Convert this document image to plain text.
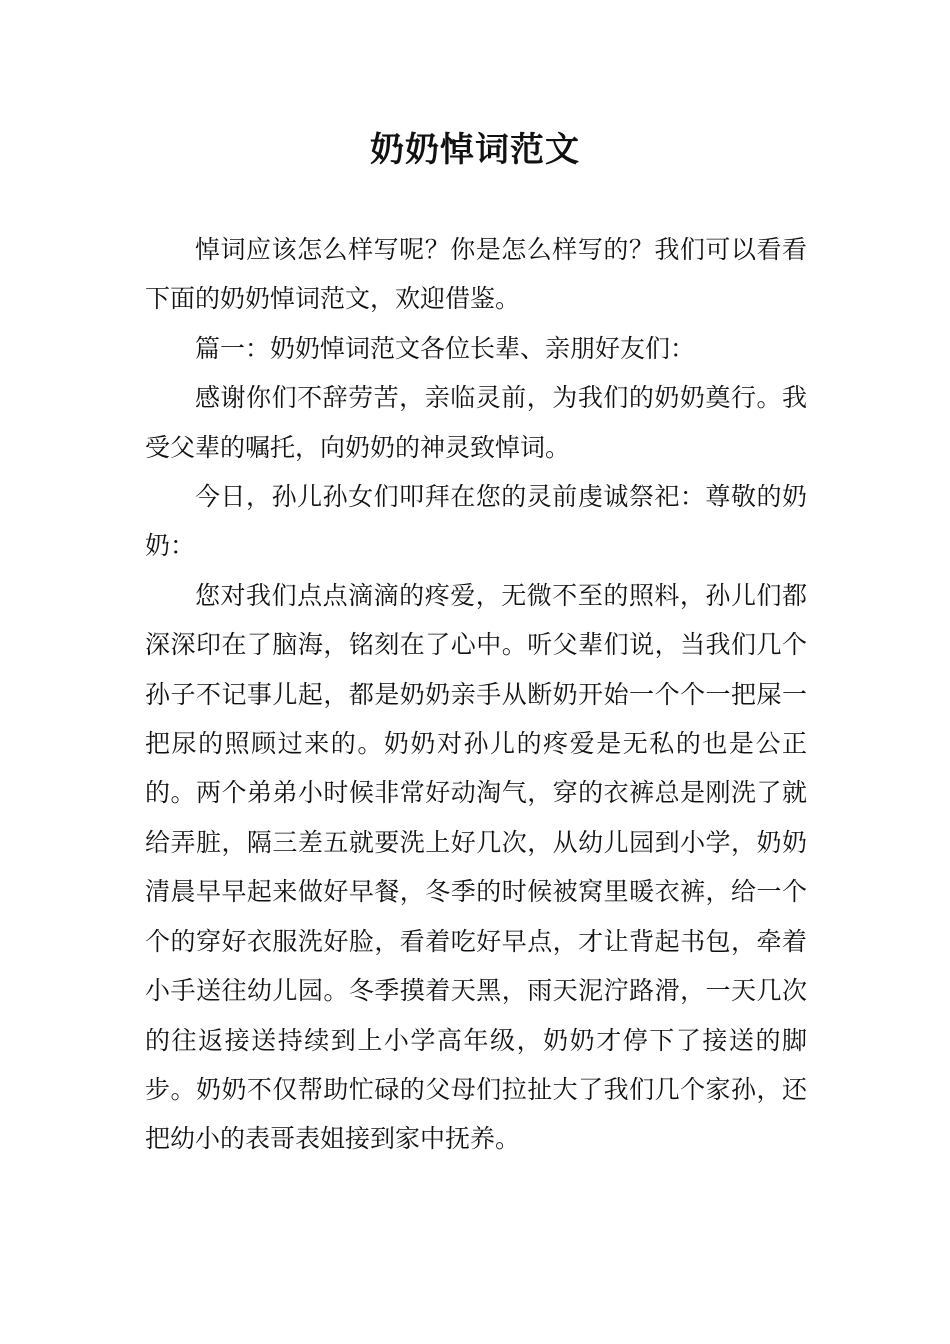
奶奶悼词范文

悼词应该怎么样写呢？你是怎么样写的？我们可以看看下面的奶奶悼词范文，欢迎借鉴。

篇一：奶奶悼词范文各位长辈、亲朋好友们：

感谢你们不辞劳苦，亲临灵前，为我们的奶奶奠行。我受父辈的嘱托，向奶奶的神灵致悼词。

今日，孙儿孙女们叩拜在您的灵前虔诚祭祀：尊敬的奶奶：

您对我们点点滴滴的疼爱，无微不至的照料，孙儿们都深深印在了脑海，铭刻在了心中。听父辈们说，当我们几个孙子不记事儿起，都是奶奶亲手从断奶开始一个个一把屎一把尿的照顾过来的。奶奶对孙儿的疼爱是无私的也是公正的。两个弟弟小时候非常好动淘气，穿的衣裤总是刚洗了就给弄脏，隔三差五就要洗上好几次，从幼儿园到小学，奶奶清晨早早起来做好早餐，冬季的时候被窝里暖衣裤，给一个个的穿好衣服洗好脸，看着吃好早点，才让背起书包，牵着小手送往幼儿园。冬季摸着天黑，雨天泥泞路滑，一天几次的往返接送持续到上小学高年级，奶奶才停下了接送的脚步。奶奶不仅帮助忙碌的父母们拉扯大了我们几个家孙，还把幼小的表哥表姐接到家中抚养。
